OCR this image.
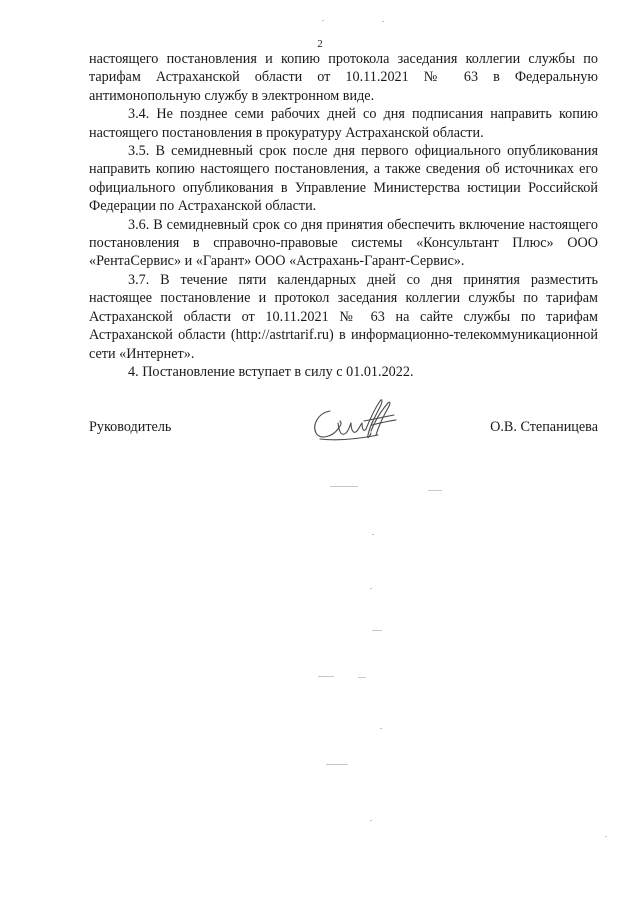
2

настоящего постановления и копию протокола заседания коллегии службы по тарифам Астраханской области от 10.11.2021 № 63 в Федеральную антимонопольную службу в электронном виде.

3.4. Не позднее семи рабочих дней со дня подписания направить копию настоящего постановления в прокуратуру Астраханской области.

3.5. В семидневный срок после дня первого официального опубликования направить копию настоящего постановления, а также сведения об источниках его официального опубликования в Управление Министерства юстиции Российской Федерации по Астраханской области.

3.6. В семидневный срок со дня принятия обеспечить включение настоящего постановления в справочно-правовые системы «Консультант Плюс» ООО «РентаСервис» и «Гарант» ООО «Астрахань-Гарант-Сервис».

3.7. В течение пяти календарных дней со дня принятия разместить настоящее постановление и протокол заседания коллегии службы по тарифам Астраханской области от 10.11.2021 № 63 на сайте службы по тарифам Астраханской области (http://astrtarif.ru) в информационно-телекоммуникационной сети «Интернет».

4. Постановление вступает в силу с 01.01.2022.

Руководитель	О.В. Степаницева
